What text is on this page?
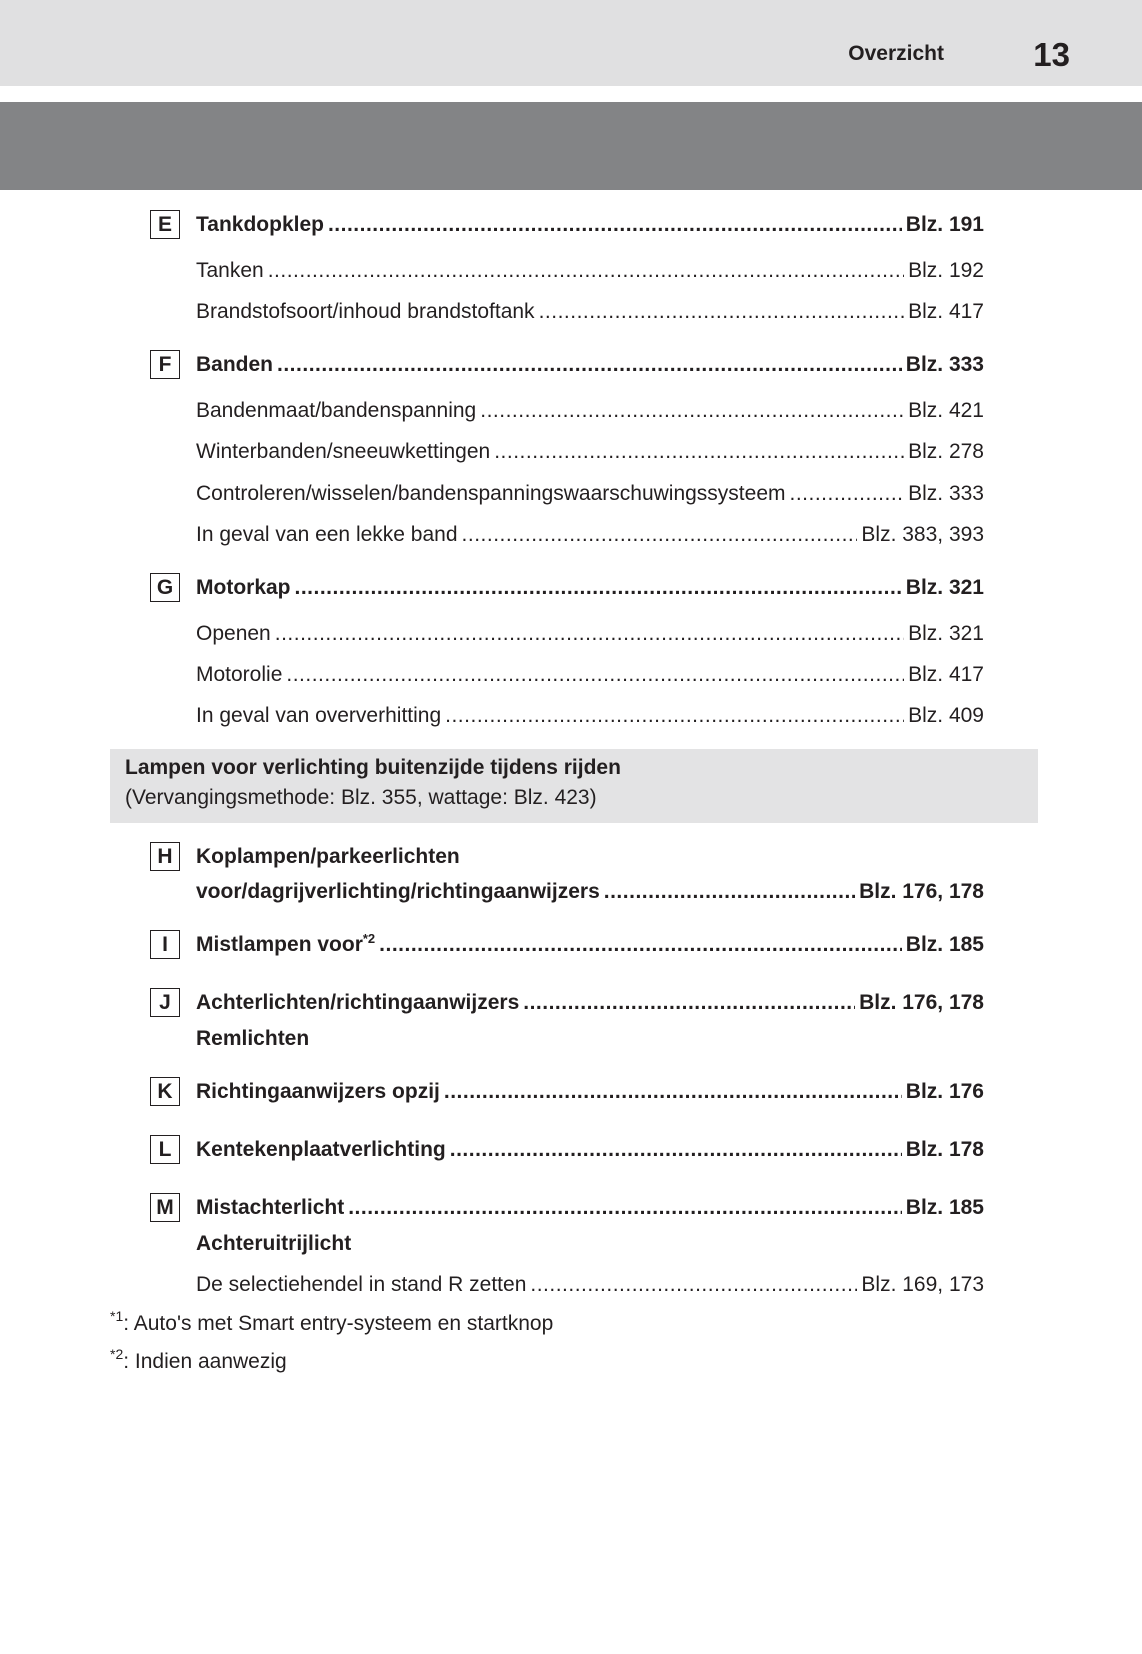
Overzicht	13
E	Tankdopklep .....	Blz. 191
Tanken .....	Blz. 192
Brandstofsoort/inhoud brandstoftank .....	Blz. 417
F	Banden .....	Blz. 333
Bandenmaat/bandenspanning .....	Blz. 421
Winterbanden/sneeuwkettingen .....	Blz. 278
Controleren/wisselen/bandenspanningswaarschuwingssysteem .....	Blz. 333
In geval van een lekke band .....	Blz. 383, 393
G	Motorkap .....	Blz. 321
Openen .....	Blz. 321
Motorolie .....	Blz. 417
In geval van oververhitting .....	Blz. 409
Lampen voor verlichting buitenzijde tijdens rijden
(Vervangingsmethode: Blz. 355, wattage: Blz. 423)
H	Koplampen/parkeerlichten
voor/dagrijverlichting/richtingaanwijzers .....	Blz. 176, 178
I	Mistlampen voor$^{*2}$ .....	Blz. 185
J	Achterlichten/richtingaanwijzers .....	Blz. 176, 178
Remlichten
K	Richtingaanwijzers opzij .....	Blz. 176
L	Kentekenplaatverlichting .....	Blz. 178
M Mistachterlicht .....	Blz. 185
Achteruitrijlicht
De selectiehendel in stand R zetten .....	Blz. 169, 173
$^{*1}$: Auto's met Smart entry-systeem en startknop
$^{*2}$: Indien aanwezig
